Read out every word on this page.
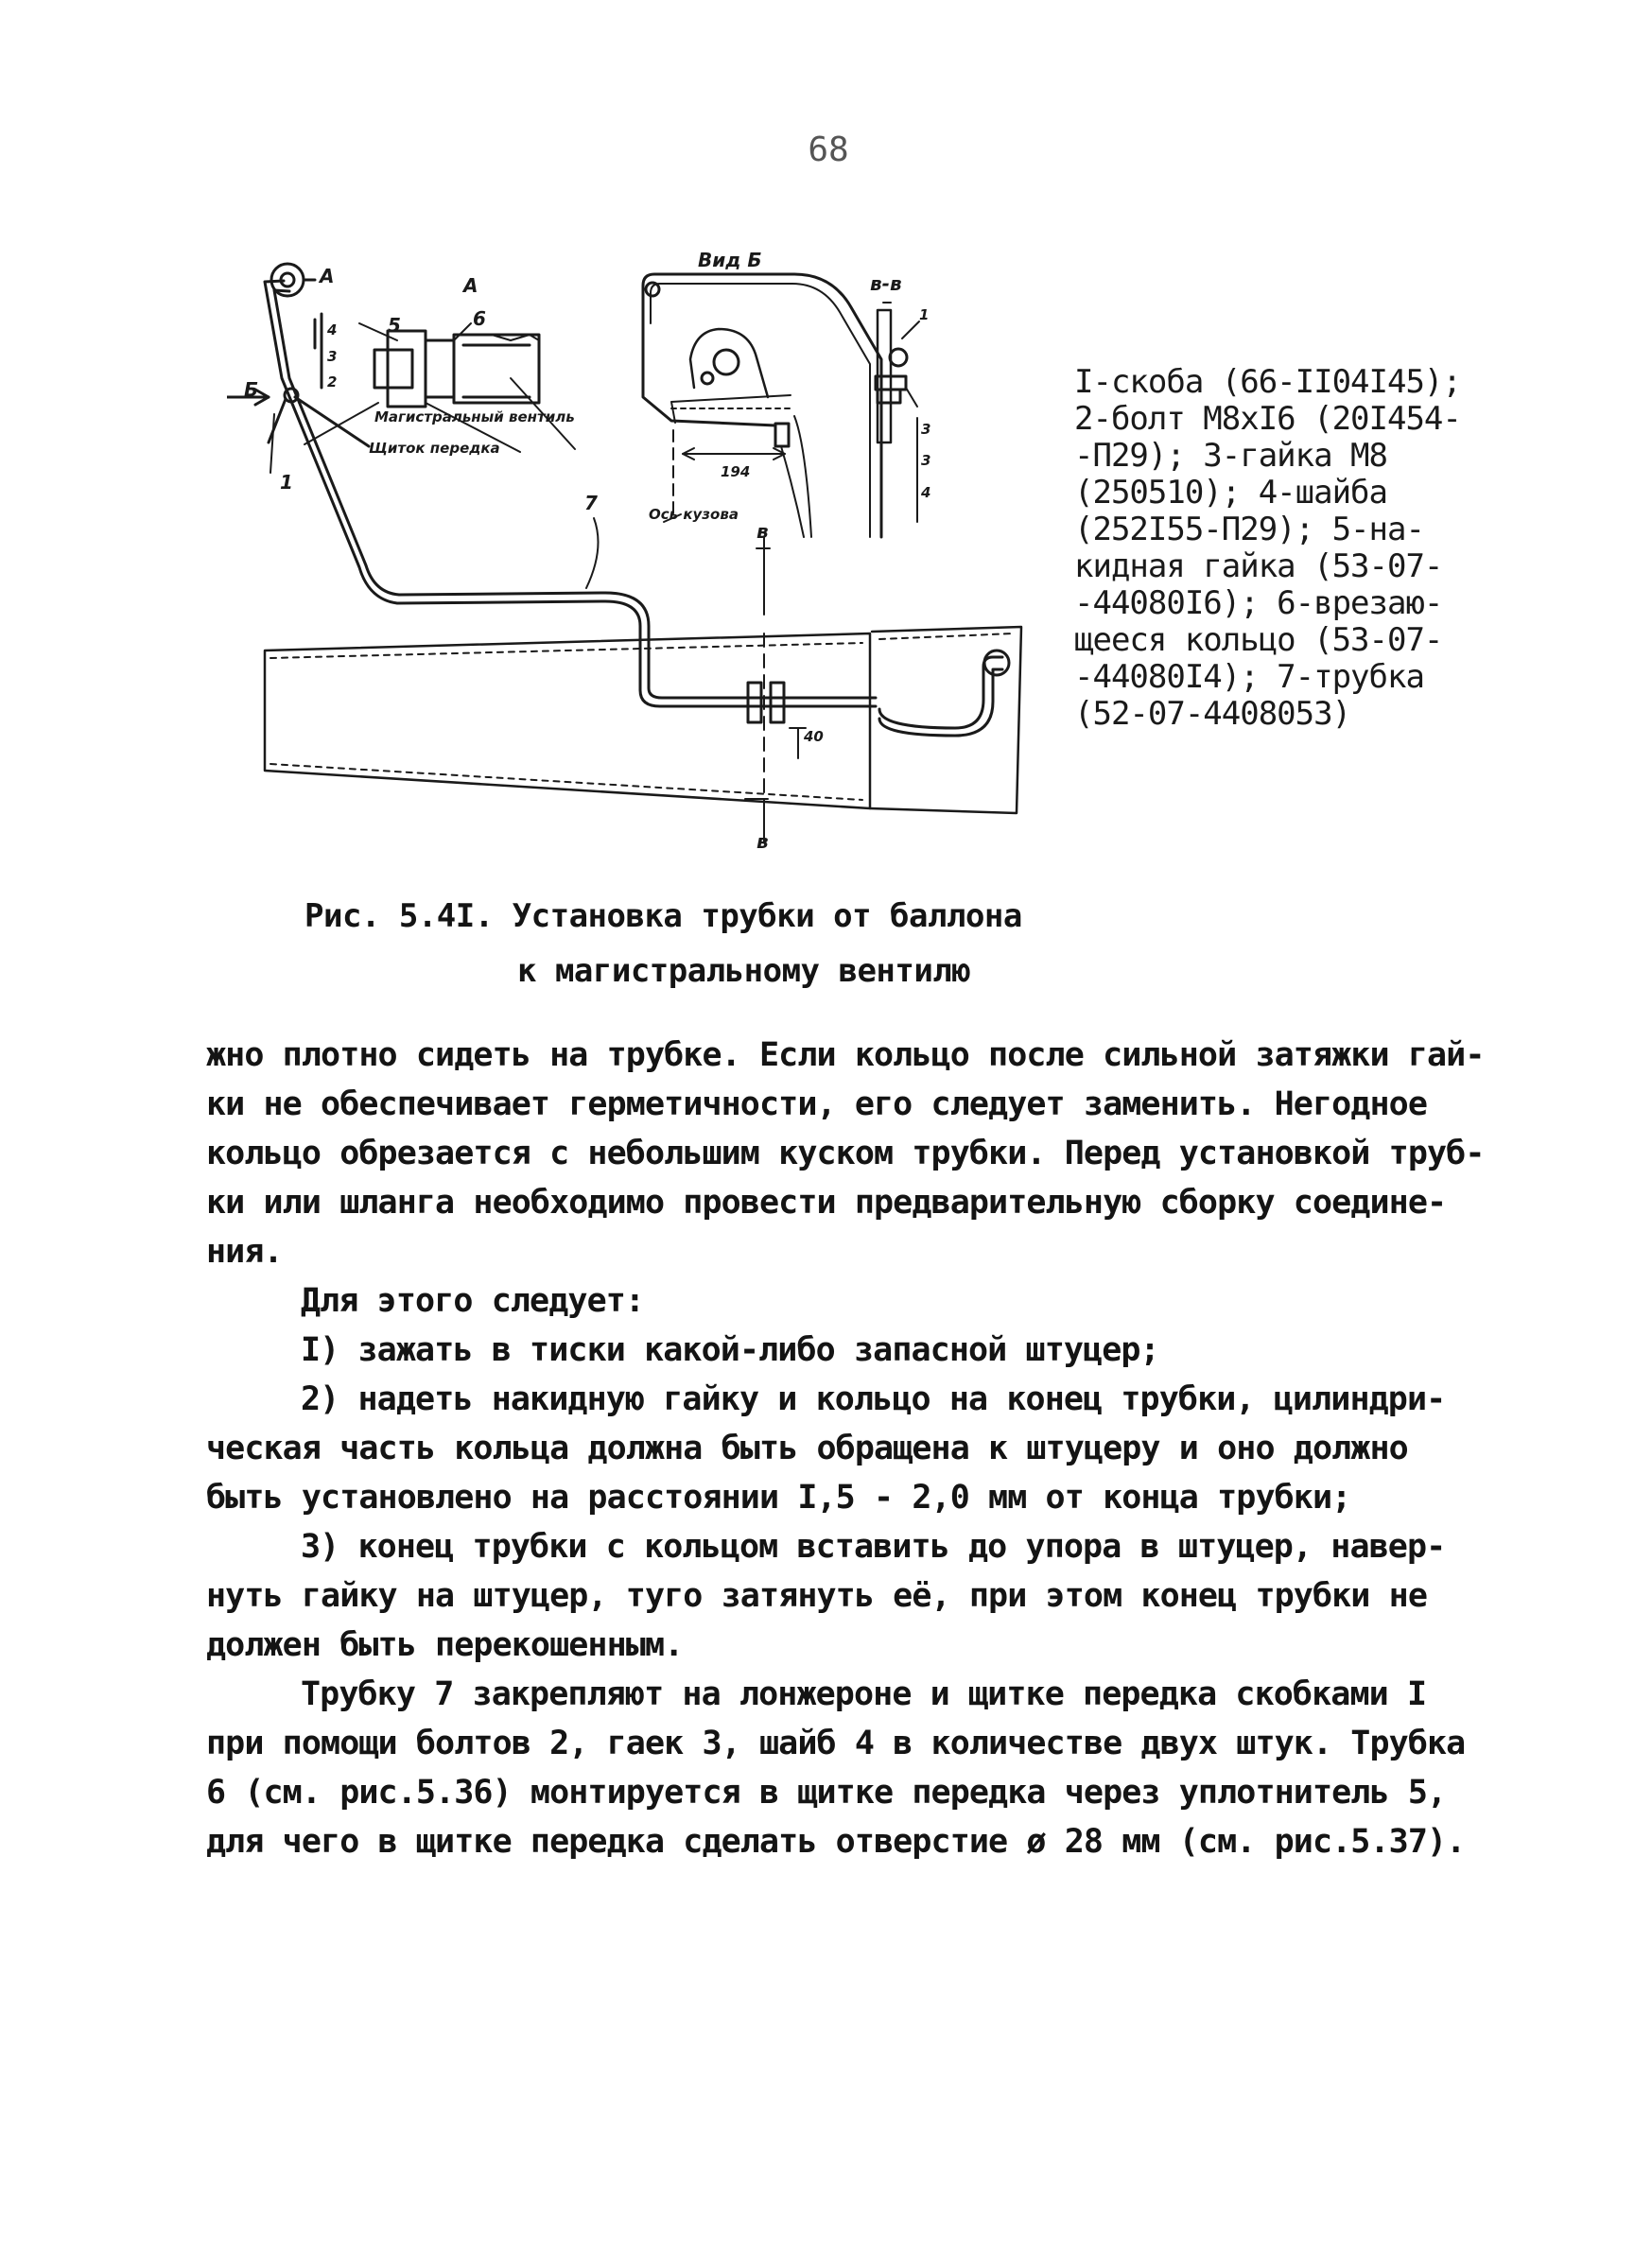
68
А	А
Б
5	6
4
3
2
1
Магистральный вентиль
Щиток передка
Вид Б
194
Ось кузова
в-в
1
3
3
4
7
в
в
40
I-скоба (66-II04I45);
2-болт М8хI6 (20I454-
-П29); 3-гайка М8
(250510); 4-шайба
(252I55-П29); 5-на-
кидная гайка (53-07-
-44080I6); 6-врезаю-
щееся кольцо (53-07-
-44080I4); 7-трубка
(52-07-4408053)
Рис. 5.4I. Установка трубки от баллона
к магистральному вентилю
жно плотно сидеть на трубке. Если кольцо после сильной затяжки гай-
ки не обеспечивает герметичности, его следует заменить. Негодное
кольцо обрезается с небольшим куском трубки. Перед установкой труб-
ки или шланга необходимо провести предварительную сборку соедине-
ния.
Для этого следует:
I) зажать в тиски какой-либо запасной штуцер;
2) надеть накидную гайку и кольцо на конец трубки, цилиндри-
ческая часть кольца должна быть обращена к штуцеру и оно должно
быть установлено на расстоянии I,5 - 2,0 мм от конца трубки;
3) конец трубки с кольцом вставить до упора в штуцер, навер-
нуть гайку на штуцер, туго затянуть её, при этом конец трубки не
должен быть перекошенным.
Трубку 7 закрепляют на лонжероне и щитке передка скобками I
при помощи болтов 2, гаек 3, шайб 4 в количестве двух штук. Трубка
6 (см. рис.5.36) монтируется в щитке передка через уплотнитель 5,
для чего в щитке передка сделать отверстие ø 28 мм (см. рис.5.37).
